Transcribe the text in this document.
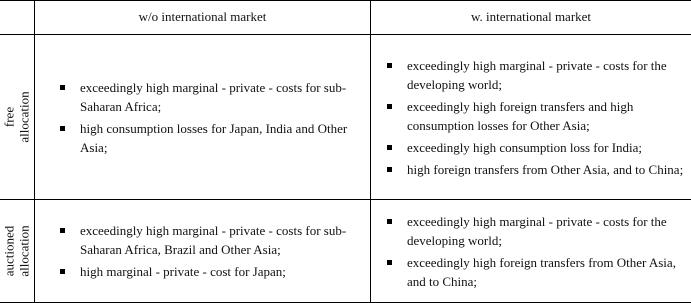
w/o international market	w. international market
free allocation
exceedingly high marginal - private - costs for sub-Saharan Africa;
high consumption losses for Japan, India and Other Asia;
exceedingly high marginal - private - costs for the developing world;
exceedingly high foreign transfers and high consumption losses for Other Asia;
exceedingly high consumption loss for India;
high foreign transfers from Other Asia, and to China;
auctioned allocation	exceedingly high marginal - private - costs for sub-Saharan Africa, Brazil and Other Asia;
high marginal - private - cost for Japan;
exceedingly high marginal - private - costs for the developing world;
exceedingly high foreign transfers from Other Asia, and to China;
